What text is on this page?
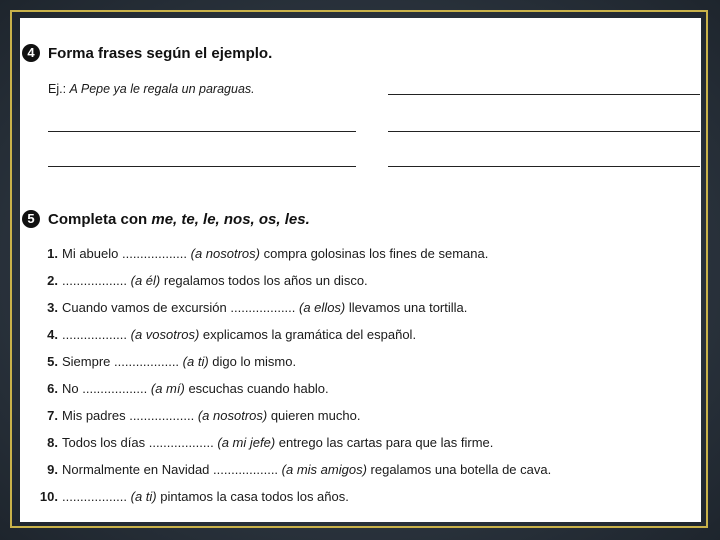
4 Forma frases según el ejemplo.
Ej.: A Pepe ya le regala un paraguas.
5 Completa con me, te, le, nos, os, les.
1. Mi abuelo .................. (a nosotros) compra golosinas los fines de semana.
2. .................. (a él) regalamos todos los años un disco.
3. Cuando vamos de excursión .................. (a ellos) llevamos una tortilla.
4. .................. (a vosotros) explicamos la gramática del español.
5. Siempre .................. (a ti) digo lo mismo.
6. No .................. (a mí) escuchas cuando hablo.
7. Mis padres .................. (a nosotros) quieren mucho.
8. Todos los días .................. (a mi jefe) entrego las cartas para que las firme.
9. Normalmente en Navidad .................. (a mis amigos) regalamos una botella de cava.
10. .................. (a ti) pintamos la casa todos los años.
